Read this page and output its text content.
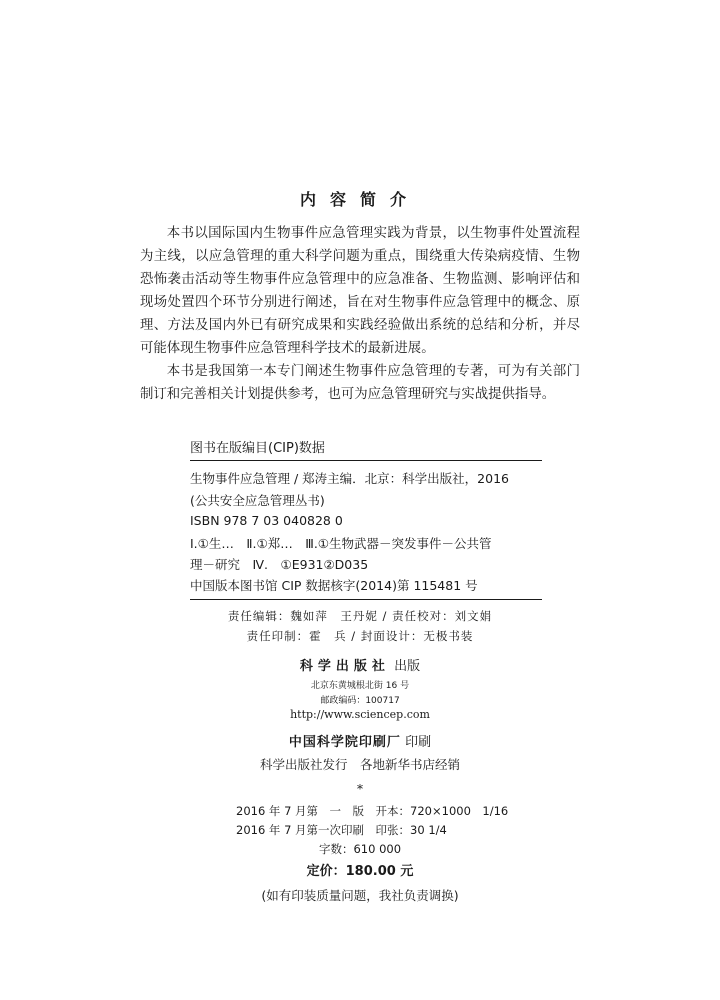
内容简介

本书以国际国内生物事件应急管理实践为背景，以生物事件处置流程为主线，以应急管理的重大科学问题为重点，围绕重大传染病疫情、生物恐怖袭击活动等生物事件应急管理中的应急准备、生物监测、影响评估和现场处置四个环节分别进行阐述，旨在对生物事件应急管理中的概念、原理、方法及国内外已有研究成果和实践经验做出系统的总结和分析，并尽可能体现生物事件应急管理科学技术的最新进展。

本书是我国第一本专门阐述生物事件应急管理的专著，可为有关部门制订和完善相关计划提供参考，也可为应急管理研究与实战提供指导。

图书在版编目(CIP)数据
生物事件应急管理 / 郑涛主编．北京：科学出版社，2016
(公共安全应急管理丛书)
ISBN 978 7 03 040828 0
Ⅰ.①生…　Ⅱ.①郑…　Ⅲ.①生物武器－突发事件－公共管
理－研究　Ⅳ.　①E931②D035
中国版本图书馆 CIP 数据核字(2014)第 115481 号
责任编辑：魏如萍　王丹妮 / 责任校对：刘文娟
责任印制：霍　兵 / 封面设计：无极书装
科学出版社 出版
北京东黄城根北街 16 号
邮政编码：100717
http://www.sciencep.com
中国科学院印刷厂 印刷
科学出版社发行　各地新华书店经销
*
2016 年 7 月第　一　版　开本：720×1000　1/16
2016 年 7 月第一次印刷　印张：30 1/4
字数：610 000
定价：180.00 元
(如有印装质量问题，我社负责调换)
